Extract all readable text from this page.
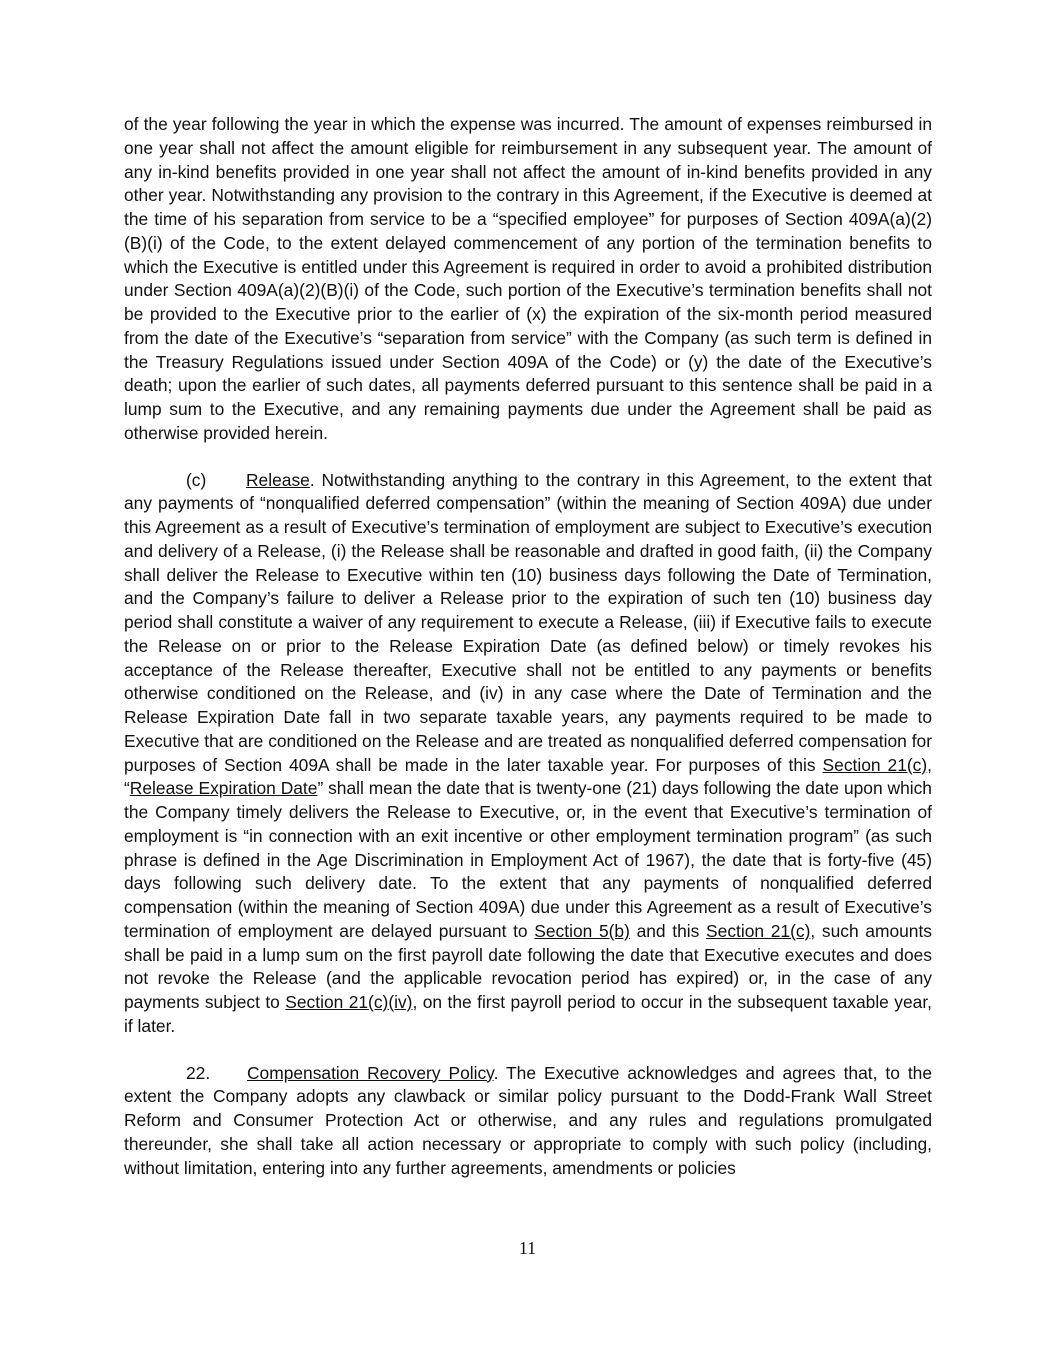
of the year following the year in which the expense was incurred. The amount of expenses reimbursed in one year shall not affect the amount eligible for reimbursement in any subsequent year. The amount of any in-kind benefits provided in one year shall not affect the amount of in-kind benefits provided in any other year. Notwithstanding any provision to the contrary in this Agreement, if the Executive is deemed at the time of his separation from service to be a “specified employee” for purposes of Section 409A(a)(2)(B)(i) of the Code, to the extent delayed commencement of any portion of the termination benefits to which the Executive is entitled under this Agreement is required in order to avoid a prohibited distribution under Section 409A(a)(2)(B)(i) of the Code, such portion of the Executive’s termination benefits shall not be provided to the Executive prior to the earlier of (x) the expiration of the six-month period measured from the date of the Executive’s “separation from service” with the Company (as such term is defined in the Treasury Regulations issued under Section 409A of the Code) or (y) the date of the Executive’s death; upon the earlier of such dates, all payments deferred pursuant to this sentence shall be paid in a lump sum to the Executive, and any remaining payments due under the Agreement shall be paid as otherwise provided herein.

(c) Release. Notwithstanding anything to the contrary in this Agreement, to the extent that any payments of “nonqualified deferred compensation” (within the meaning of Section 409A) due under this Agreement as a result of Executive’s termination of employment are subject to Executive’s execution and delivery of a Release, (i) the Release shall be reasonable and drafted in good faith, (ii) the Company shall deliver the Release to Executive within ten (10) business days following the Date of Termination, and the Company’s failure to deliver a Release prior to the expiration of such ten (10) business day period shall constitute a waiver of any requirement to execute a Release, (iii) if Executive fails to execute the Release on or prior to the Release Expiration Date (as defined below) or timely revokes his acceptance of the Release thereafter, Executive shall not be entitled to any payments or benefits otherwise conditioned on the Release, and (iv) in any case where the Date of Termination and the Release Expiration Date fall in two separate taxable years, any payments required to be made to Executive that are conditioned on the Release and are treated as nonqualified deferred compensation for purposes of Section 409A shall be made in the later taxable year. For purposes of this Section 21(c), “Release Expiration Date” shall mean the date that is twenty-one (21) days following the date upon which the Company timely delivers the Release to Executive, or, in the event that Executive’s termination of employment is “in connection with an exit incentive or other employment termination program” (as such phrase is defined in the Age Discrimination in Employment Act of 1967), the date that is forty-five (45) days following such delivery date. To the extent that any payments of nonqualified deferred compensation (within the meaning of Section 409A) due under this Agreement as a result of Executive’s termination of employment are delayed pursuant to Section 5(b) and this Section 21(c), such amounts shall be paid in a lump sum on the first payroll date following the date that Executive executes and does not revoke the Release (and the applicable revocation period has expired) or, in the case of any payments subject to Section 21(c)(iv), on the first payroll period to occur in the subsequent taxable year, if later.

22. Compensation Recovery Policy. The Executive acknowledges and agrees that, to the extent the Company adopts any clawback or similar policy pursuant to the Dodd-Frank Wall Street Reform and Consumer Protection Act or otherwise, and any rules and regulations promulgated thereunder, she shall take all action necessary or appropriate to comply with such policy (including, without limitation, entering into any further agreements, amendments or policies

11
